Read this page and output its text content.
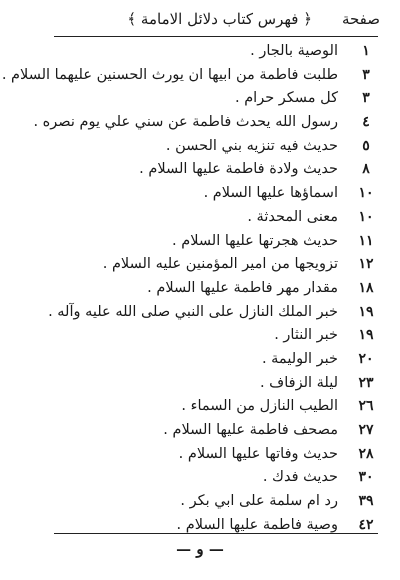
﴿ فهرس كتاب دلائل الامامة ﴾ صفحة
١
الوصية بالجار .
٣
طلبت فاطمة من ابيها ان يورث الحسنين عليهما السلام .
٣
كل مسكر حرام .
٤
رسول الله يحدث فاطمة عن سني علي يوم نصره .
٥
حديث فيه تنزيه بني الحسن .
٨
حديث ولادة فاطمة عليها السلام .
١٠
اسماؤها عليها السلام .
١٠
معنى المحدثة .
١١
حديث هجرتها عليها السلام .
١٢
تزويجها من امير المؤمنين عليه السلام .
١٨
مقدار مهر فاطمة عليها السلام .
١٩
خبر الملك النازل على النبي صلى الله عليه وآله .
١٩
خبر النثار .
٢٠
خبر الوليمة .
٢٣
ليلة الزفاف .
٢٦
الطيب النازل من السماء .
٢٧
مصحف فاطمة عليها السلام .
٢٨
حديث وفاتها عليها السلام .
٣٠
حديث فدك .
٣٩
رد ام سلمة على ابي بكر .
٤٢
وصية فاطمة عليها السلام .
— و —
